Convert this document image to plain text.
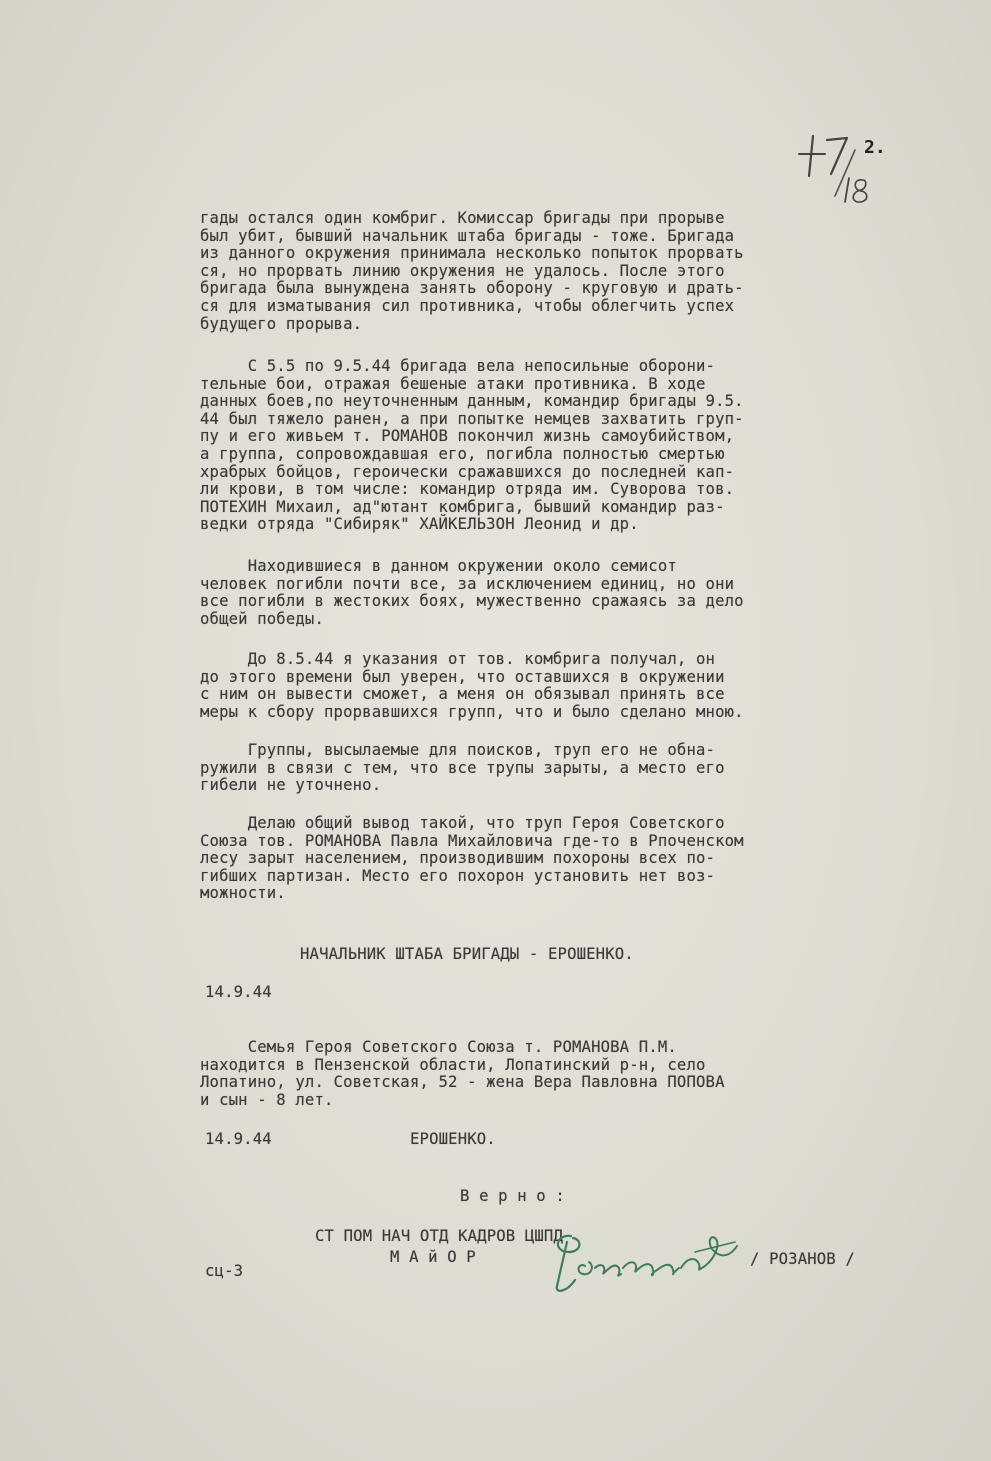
2.
гады остался один комбриг. Комиссар бригады при прорыве
был убит, бывший начальник штаба бригады - тоже. Бригада
из данного окружения принимала несколько попыток прорвать
ся, но прорвать линию окружения не удалось. После этого
бригада была вынуждена занять оборону - круговую и драть-
ся для изматывания сил противника, чтобы облегчить успех
будущего прорыва.
С 5.5 по 9.5.44 бригада вела непосильные оборони-
тельные бои, отражая бешеные атаки противника. В ходе
данных боев,по неуточненным данным, командир бригады 9.5.
44 был тяжело ранен, а при попытке немцев захватить груп-
пу и его живьем т. РОМАНОВ покончил жизнь самоубийством,
а группа, сопровождавшая его, погибла полностью смертью
храбрых бойцов, героически сражавшихся до последней кап-
ли крови, в том числе: командир отряда им. Суворова тов.
ПОТЕХИН Михаил, ад"ютант комбрига, бывший командир раз-
ведки отряда "Сибиряк" ХАЙКЕЛЬЗОН Леонид и др.
Находившиеся в данном окружении около семисот
человек погибли почти все, за исключением единиц, но они
все погибли в жестоких боях, мужественно сражаясь за дело
общей победы.
До 8.5.44 я указания от тов. комбрига получал, он
до этого времени был уверен, что оставшихся в окружении
с ним он вывести сможет, а меня он обязывал принять все
меры к сбору прорвавшихся групп, что и было сделано мною.
Группы, высылаемые для поисков, труп его не обна-
ружили в связи с тем, что все трупы зарыты, а место его
гибели не уточнено.
Делаю общий вывод такой, что труп Героя Советского
Союза тов. РОМАНОВА Павла Михайловича где-то в Рпоченском
лесу зарыт населением, производившим похороны всех по-
гибших партизан. Место его похорон установить нет воз-
можности.
НАЧАЛЬНИК ШТАБА БРИГАДЫ - ЕРОШЕНКО.
14.9.44
Семья Героя Советского Союза т. РОМАНОВА П.М.
находится в Пензенской области, Лопатинский р-н, село
Лопатино, ул. Советская, 52 - жена Вера Павловна ПОПОВА
и сын - 8 лет.
14.9.44	ЕРОШЕНКО.
В е р н о :
СТ ПОМ НАЧ ОТД КАДРОВ ЦШПД
М А й О Р
Розанов
/ РОЗАНОВ /
сц-3
